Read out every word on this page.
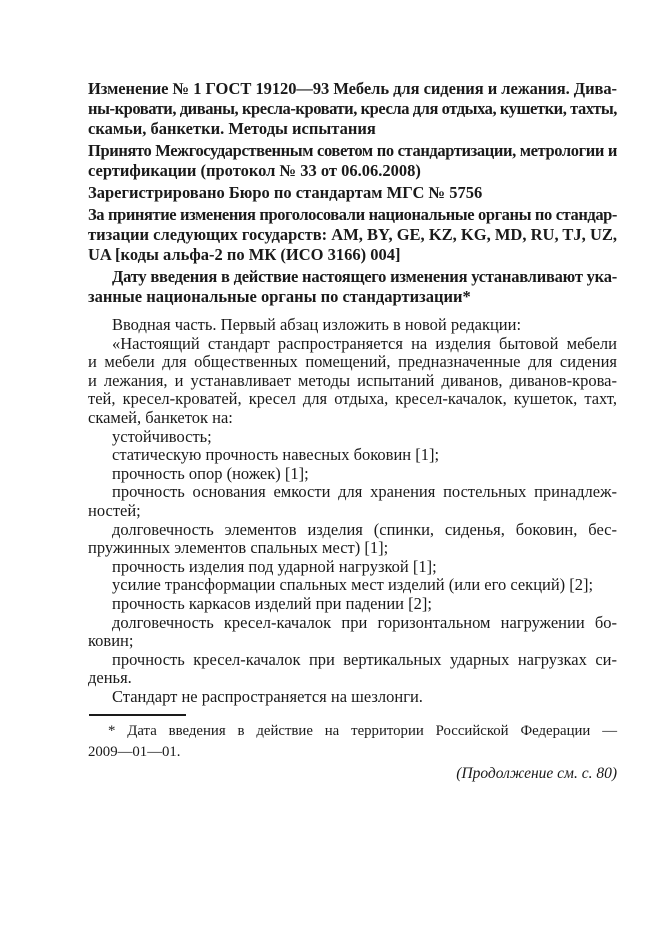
Изменение № 1 ГОСТ 19120—93 Мебель для сидения и лежания. Дива-
ны-кровати, диваны, кресла-кровати, кресла для отдыха, кушетки, тахты,
скамьи, банкетки. Методы испытания
Принято Межгосударственным советом по стандартизации, метрологии и
сертификации (протокол № 33 от 06.06.2008)
Зарегистрировано Бюро по стандартам МГС № 5756
За принятие изменения проголосовали национальные органы по стандар-
тизации следующих государств: AM, BY, GE, KZ, KG, MD, RU, TJ, UZ,
UA [коды альфа-2 по МК (ИСО 3166) 004]
Дату введения в действие настоящего изменения устанавливают ука-
занные национальные органы по стандартизации*
Вводная часть. Первый абзац изложить в новой редакции:
«Настоящий стандарт распространяется на изделия бытовой мебели
и мебели для общественных помещений, предназначенные для сидения
и лежания, и устанавливает методы испытаний диванов, диванов-крова-
тей, кресел-кроватей, кресел для отдыха, кресел-качалок, кушеток, тахт,
скамей, банкеток на:
устойчивость;
статическую прочность навесных боковин [1];
прочность опор (ножек) [1];
прочность основания емкости для хранения постельных принадлеж-
ностей;
долговечность элементов изделия (спинки, сиденья, боковин, бес-
пружинных элементов спальных мест) [1];
прочность изделия под ударной нагрузкой [1];
усилие трансформации спальных мест изделий (или его секций) [2];
прочность каркасов изделий при падении [2];
долговечность кресел-качалок при горизонтальном нагружении бо-
ковин;
прочность кресел-качалок при вертикальных ударных нагрузках си-
денья.
Стандарт не распространяется на шезлонги.
* Дата введения в действие на территории Российской Федерации —
2009—01—01.
(Продолжение см. с. 80)
